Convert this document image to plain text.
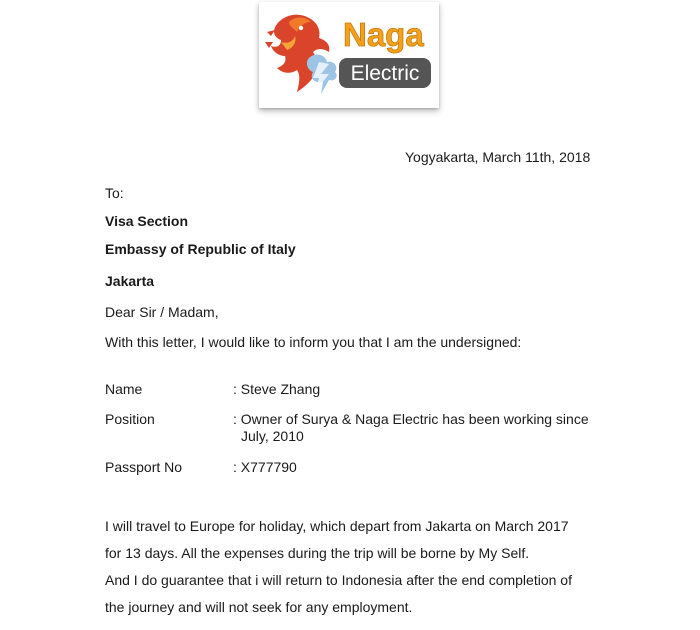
Naga
Electric
Yogyakarta, March 11th, 2018
To:
Visa Section
Embassy of Republic of Italy
Jakarta
Dear Sir / Madam,
With this letter, I would like to inform you that I am the undersigned:
Name	: Steve Zhang
Position	: Owner of Surya & Naga Electric has been working since
July, 2010
Passport No	: X777790
I will travel to Europe for holiday, which depart from Jakarta on March 2017
for 13 days. All the expenses during the trip will be borne by My Self.
And I do guarantee that i will return to Indonesia after the end completion of
the journey and will not seek for any employment.
